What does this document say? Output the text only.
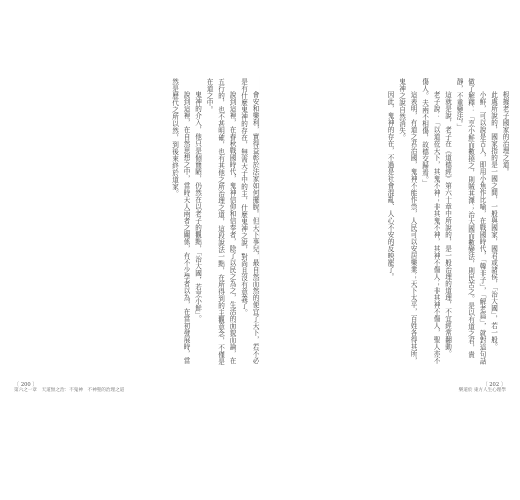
會安和樂利，實得益彰於法家如何擺脫。但天下事兒，最自然而然的便宜了天下，若不必是有什麼鬼神的存在，無需天子中的主，什麼鬼神之說，對尚且沒有意義了。

說到這裡，在春秋戰國時代，鬼神信仰和信奉者，除了以民之為之，生活的面貌而論，在五行的，也不甚明確，也有其他之所治理之道，這段說法一點，在所得到的主觀意念，不僅是在道之中。

鬼神的介入，他只是個簡陋，仍然在以老子的觀點，「治大國，若烹小鮮」。

說到這裡，在自然思想之中，當時天人兩者之關係，有不少學者以為，在當初發展時，當然是歷代之所以然，到後來終於道家。	根據老子國家的治理之道。

此處所說的，國家指的是一國之間，一般與國家，國君或諸侯，「治大國」，若一般。

小鮮，可以說是古人，即用小魚作比喻，在戰國時代，「韓非子」，「解老篇」，就對這句話做了解釋：「烹小鮮而數撓之，則賊其澤；治大國而數變法，則民苦之。是以有道之君，貴靜，不重變法。」

這就是說，老子在《道德經》第六十章中所說的，是一般治理的道理，不宜經常翻動。

老子說：「以道莅天下，其鬼不神；非其鬼不神，其神不傷人；非其神不傷人，聖人亦不傷人。夫兩不相傷，故德交歸焉。」

這表明，有道之君治國，鬼神不能作祟，人民可以安居樂業；天下太平，百姓各得其所，鬼神之說自然消失。

因此，鬼神的存在，不過是社會混亂、人心不安的反映罷了。

〔 200 〕
第六之一章　天道無之治：不鬼神　不神聖的治理之道
〔 202 〕
樂道於 東方人生心理學
